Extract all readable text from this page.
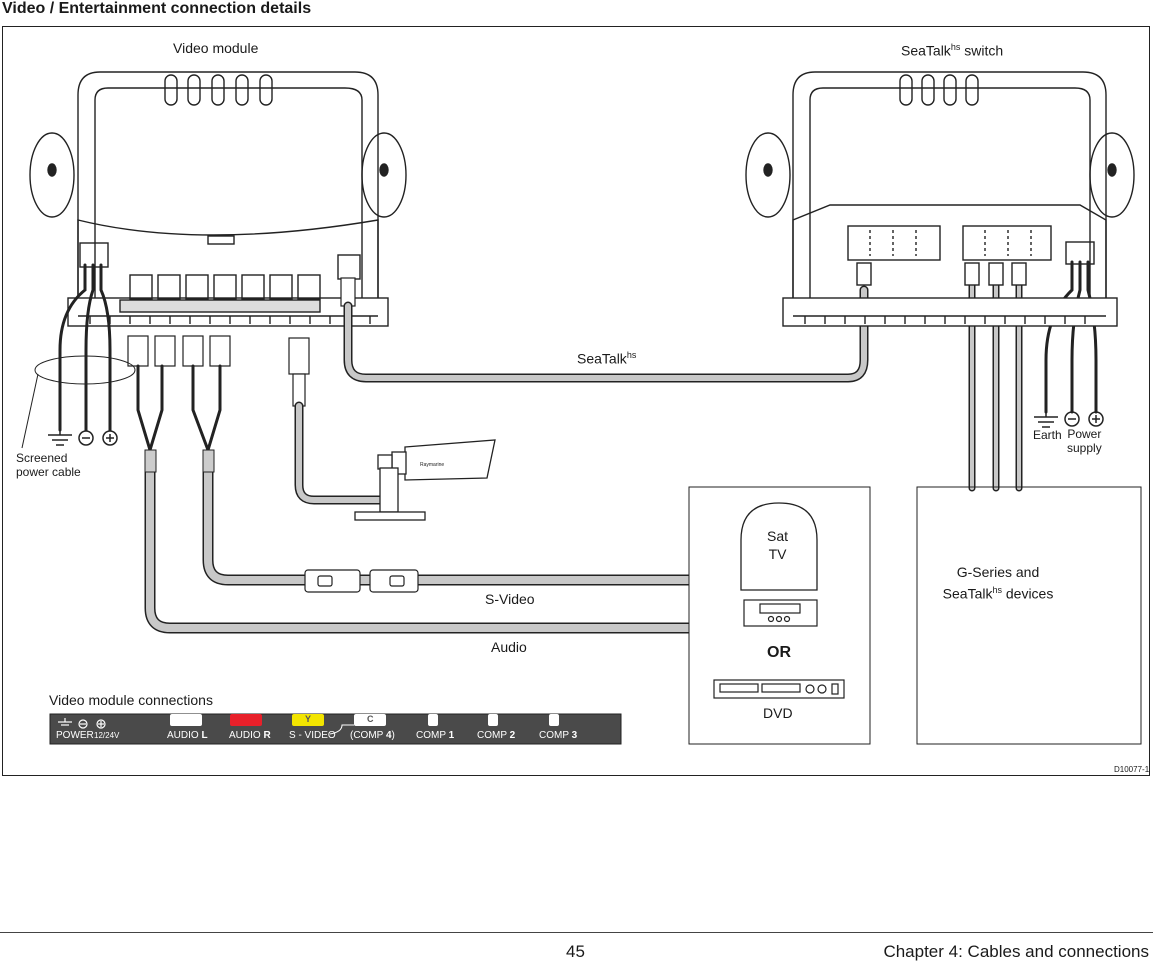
Video / Entertainment connection details
Raymarine
Video module	SeaTalk$^{hs}$ switch
SeaTalk$^{hs}$
Screened
power cable
Earth Power
supply
Sat
TV
OR
DVD
G-Series and
SeaTalk$^{hs}$ devices
S-Video
Audio
Video module connections
D10077-1
POWER 12/24V	AUDIO L AUDIO R
Y	C
S - VIDEO (COMP 4) COMP 1 COMP 2 COMP 3
45	Chapter 4: Cables and connections
